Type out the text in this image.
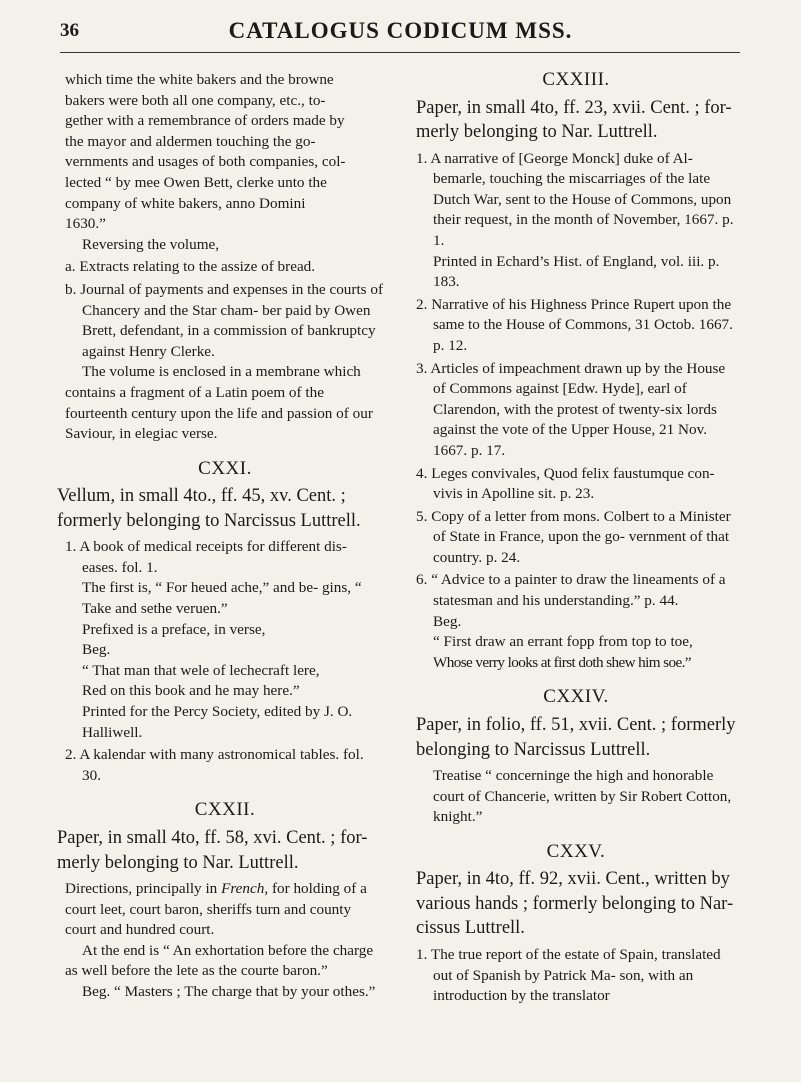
36	CATALOGUS CODICUM MSS.

which time the white bakers and the browne

bakers were both all one company, etc., to-

gether with a remembrance of orders made by

the mayor and aldermen touching the go-

vernments and usages of both companies, col-

lected “ by mee Owen Bett, clerke unto the

company of white bakers, anno Domini

1630.”

Reversing the volume,

a. Extracts relating to the assize of bread.

b. Journal of payments and expenses in the courts of Chancery and the Star cham- ber paid by Owen Brett, defendant, in a commission of bankruptcy against Henry Clerke.

The volume is enclosed in a membrane which contains a fragment of a Latin poem of the fourteenth century upon the life and passion of our Saviour, in elegiac verse.

CXXI.

Vellum, in small 4to., ff. 45, xv. Cent. ; formerly belonging to Narcissus Luttrell.

1. A book of medical receipts for different dis- eases. fol. 1.

The first is, “ For heued ache,” and be- gins, “ Take and sethe veruen.”

Prefixed is a preface, in verse,

Beg.

“ That man that wele of lechecraft lere,

Red on this book and he may here.”

Printed for the Percy Society, edited by J. O. Halliwell.

2. A kalendar with many astronomical tables. fol. 30.

CXXII.

Paper, in small 4to, ff. 58, xvi. Cent. ; for- merly belonging to Nar. Luttrell.

Directions, principally in French, for holding of a court leet, court baron, sheriffs turn and county court and hundred court.

At the end is “ An exhortation before the charge as well before the lete as the courte baron.”

Beg. “ Masters ; The charge that by your othes.”

CXXIII.

Paper, in small 4to, ff. 23, xvii. Cent. ; for- merly belonging to Nar. Luttrell.

1. A narrative of [George Monck] duke of Al- bemarle, touching the miscarriages of the late Dutch War, sent to the House of Commons, upon their request, in the month of November, 1667. p. 1.

Printed in Echard’s Hist. of England, vol. iii. p. 183.

2. Narrative of his Highness Prince Rupert upon the same to the House of Commons, 31 Octob. 1667. p. 12.

3. Articles of impeachment drawn up by the House of Commons against [Edw. Hyde], earl of Clarendon, with the protest of twenty-six lords against the vote of the Upper House, 21 Nov. 1667. p. 17.

4. Leges convivales, Quod felix faustumque con- vivis in Apolline sit. p. 23.

5. Copy of a letter from mons. Colbert to a Minister of State in France, upon the go- vernment of that country. p. 24.

6. “ Advice to a painter to draw the lineaments of a statesman and his understanding.” p. 44.

Beg.

“ First draw an errant fopp from top to toe,

Whose verry looks at first doth shew him soe.”

CXXIV.

Paper, in folio, ff. 51, xvii. Cent. ; formerly belonging to Narcissus Luttrell.

Treatise “ concerninge the high and honorable court of Chancerie, written by Sir Robert Cotton, knight.”

CXXV.

Paper, in 4to, ff. 92, xvii. Cent., written by various hands ; formerly belonging to Nar- cissus Luttrell.

1. The true report of the estate of Spain, translated out of Spanish by Patrick Ma- son, with an introduction by the translator
